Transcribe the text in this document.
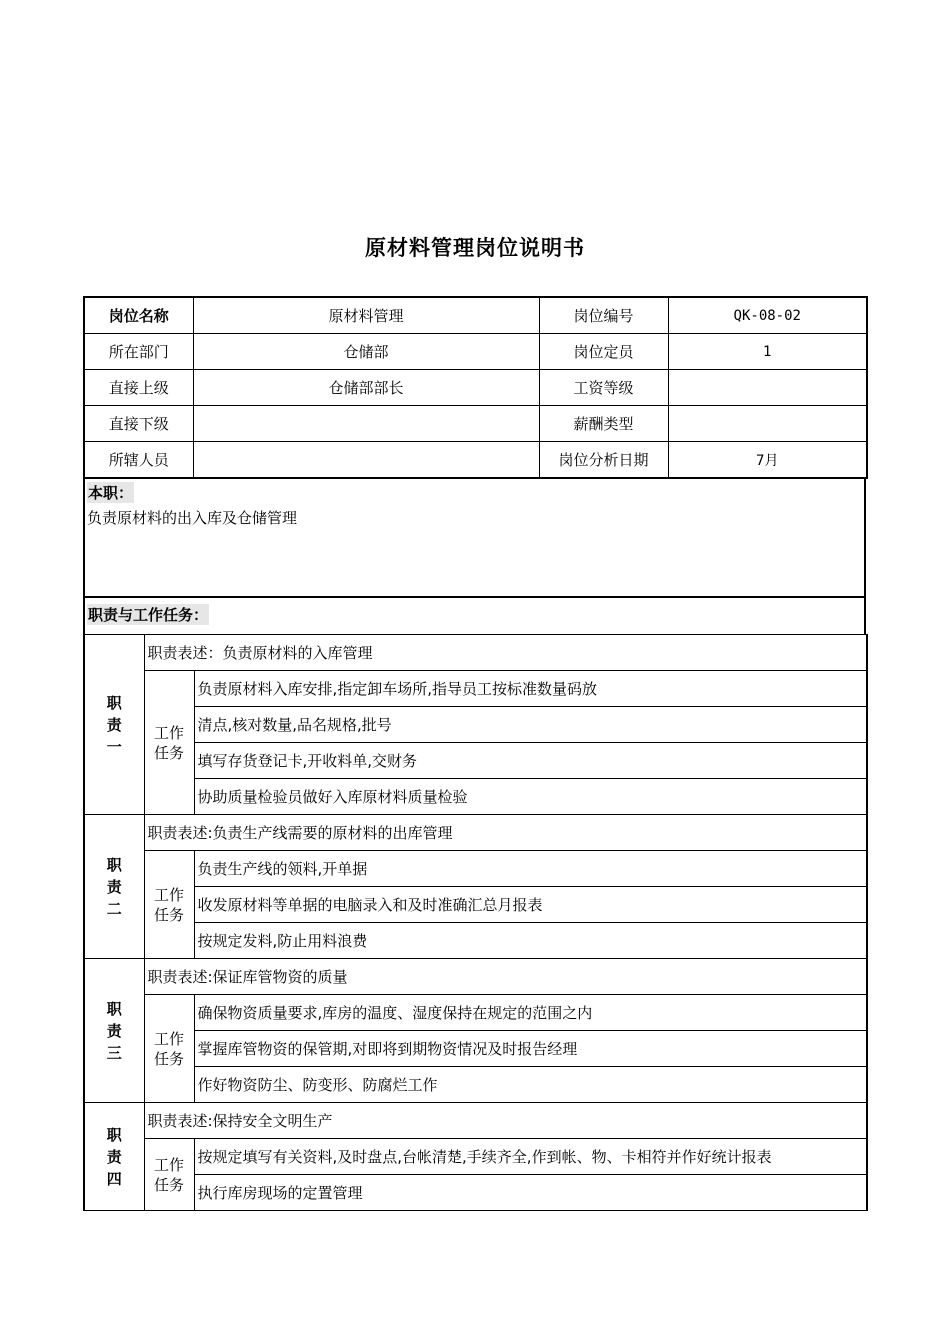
原材料管理岗位说明书
岗位名称	原材料管理	岗位编号	QK-08-02
所在部门	仓储部	岗位定员	1
直接上级	仓储部部长	工资等级	
直接下级		薪酬类型	
所辖人员		岗位分析日期	7月
本职：
负责原材料的出入库及仓储管理
职责与工作任务：
职责一	职责表述：负责原材料的入库管理	
	工作任务	负责原材料入库安排,指定卸车场所,指导员工按标准数量码放
		清点,核对数量,品名规格,批号
		填写存货登记卡,开收料单,交财务
		协助质量检验员做好入库原材料质量检验
职责二	职责表述:负责生产线需要的原材料的出库管理	
	工作任务	负责生产线的领料,开单据
		收发原材料等单据的电脑录入和及时准确汇总月报表
		按规定发料,防止用料浪费
职责三	职责表述:保证库管物资的质量	
	工作任务	确保物资质量要求,库房的温度、湿度保持在规定的范围之内
		掌握库管物资的保管期,对即将到期物资情况及时报告经理
		作好物资防尘、防变形、防腐烂工作
职责四	职责表述:保持安全文明生产	
	工作任务	按规定填写有关资料,及时盘点,台帐清楚,手续齐全,作到帐、物、卡相符并作好统计报表
		执行库房现场的定置管理
